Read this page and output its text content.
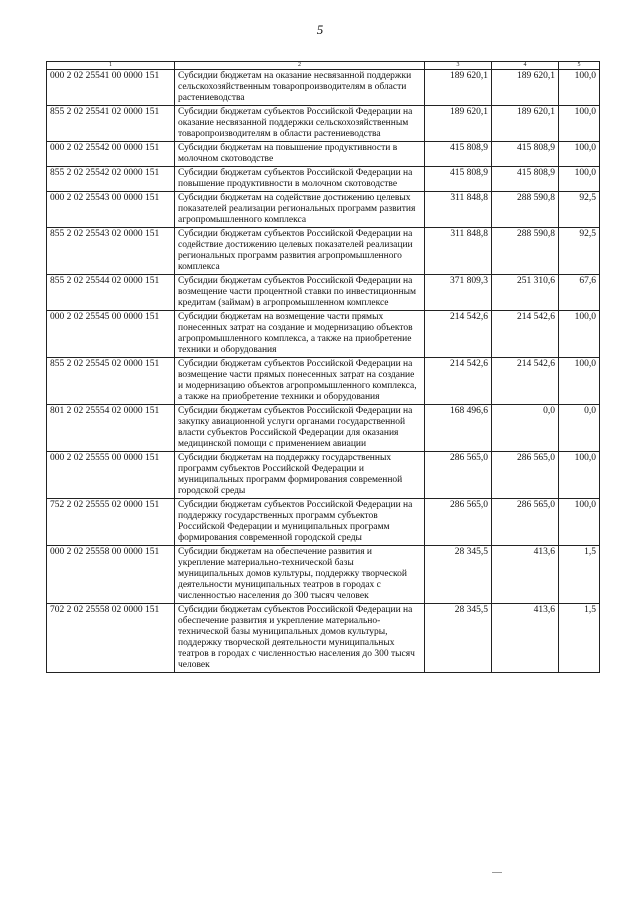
5
1	2	3	4	5
000 2 02 25541 00 0000 151	Субсидии бюджетам на оказание несвязанной поддержки сельскохозяйственным товаропроизводителям в области растениеводства	189 620,1	189 620,1	100,0
855 2 02 25541 02 0000 151	Субсидии бюджетам субъектов Российской Федерации на оказание несвязанной поддержки сельскохозяйственным товаропроизводителям в области растениеводства	189 620,1	189 620,1	100,0
000 2 02 25542 00 0000 151	Субсидии бюджетам на повышение продуктивности в молочном скотоводстве	415 808,9	415 808,9	100,0
855 2 02 25542 02 0000 151	Субсидии бюджетам субъектов Российской Федерации на повышение продуктивности в молочном скотоводстве	415 808,9	415 808,9	100,0
000 2 02 25543 00 0000 151	Субсидии бюджетам на содействие достижению целевых показателей реализации региональных программ развития агропромышленного комплекса	311 848,8	288 590,8	92,5
855 2 02 25543 02 0000 151	Субсидии бюджетам субъектов Российской Федерации на содействие достижению целевых показателей реализации региональных программ развития агропромышленного комплекса	311 848,8	288 590,8	92,5
855 2 02 25544 02 0000 151	Субсидии бюджетам субъектов Российской Федерации на возмещение части процентной ставки по инвестиционным кредитам (займам) в агропромышленном комплексе	371 809,3	251 310,6	67,6
000 2 02 25545 00 0000 151	Субсидии бюджетам на возмещение части прямых понесенных затрат на создание и модернизацию объектов агропромышленного комплекса, а также на приобретение техники и оборудования	214 542,6	214 542,6	100,0
855 2 02 25545 02 0000 151	Субсидии бюджетам субъектов Российской Федерации на возмещение части прямых понесенных затрат на создание и модернизацию объектов агропромышленного комплекса, а также на приобретение техники и оборудования	214 542,6	214 542,6	100,0
801 2 02 25554 02 0000 151	Субсидии бюджетам субъектов Российской Федерации на закупку авиационной услуги органами государственной власти субъектов Российской Федерации для оказания медицинской помощи с применением авиации	168 496,6	0,0	0,0
000 2 02 25555 00 0000 151	Субсидии бюджетам на поддержку государственных программ субъектов Российской Федерации и муниципальных программ формирования современной городской среды	286 565,0	286 565,0	100,0
752 2 02 25555 02 0000 151	Субсидии бюджетам субъектов Российской Федерации на поддержку государственных программ субъектов Российской Федерации и муниципальных программ формирования современной городской среды	286 565,0	286 565,0	100,0
000 2 02 25558 00 0000 151	Субсидии бюджетам на обеспечение развития и укрепление материально-технической базы муниципальных домов культуры, поддержку творческой деятельности муниципальных театров в городах с численностью населения до 300 тысяч человек	28 345,5	413,6	1,5
702 2 02 25558 02 0000 151	Субсидии бюджетам субъектов Российской Федерации на обеспечение развития и укрепление материально-технической базы муниципальных домов культуры, поддержку творческой деятельности муниципальных театров в городах с численностью населения до 300 тысяч человек	28 345,5	413,6	1,5
